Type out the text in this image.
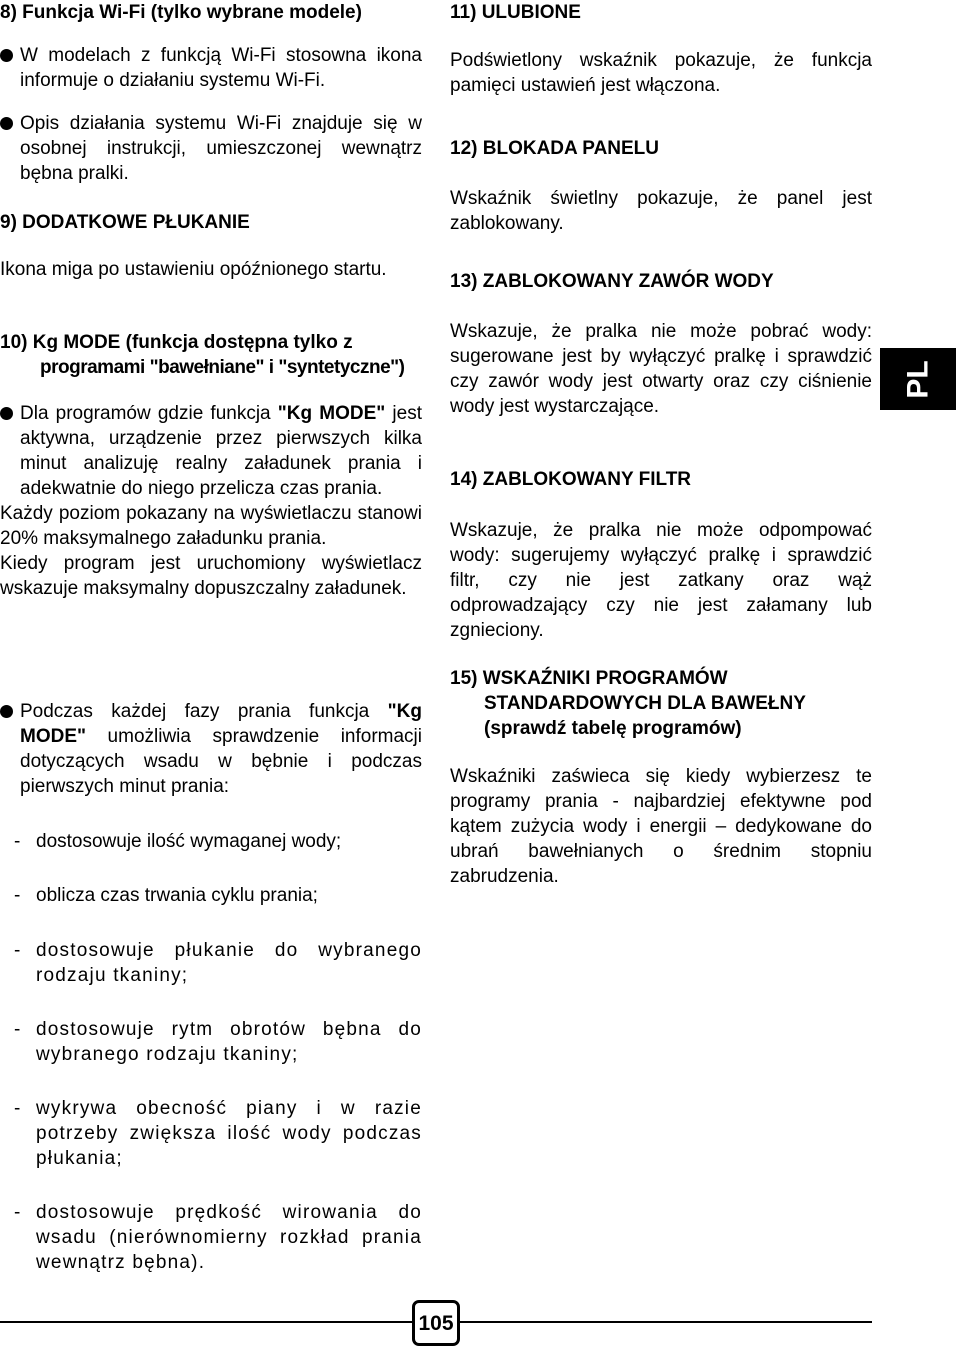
8) Funkcja Wi-Fi (tylko wybrane modele)
W modelach z funkcją Wi-Fi stosowna ikona informuje o działaniu systemu Wi-Fi.
Opis działania systemu Wi-Fi znajduje się w osobnej instrukcji, umieszczonej wewnątrz bębna pralki.
9) DODATKOWE PŁUKANIE
Ikona miga po ustawieniu opóźnionego startu.
10) Kg MODE (funkcja dostępna tylko z
programami "bawełniane" i "syntetyczne")
Dla programów gdzie funkcja "Kg MODE" jest aktywna, urządzenie przez pierwszych kilka minut analizuję realny załadunek prania i adekwatnie do niego przelicza czas prania.
Każdy poziom pokazany na wyświetlaczu stanowi 20% maksymalnego załadunku prania.
Kiedy program jest uruchomiony wyświetlacz wskazuje maksymalny dopuszczalny załadunek.
Podczas każdej fazy prania funkcja "Kg MODE" umożliwia sprawdzenie informacji dotyczących wsadu w bębnie i podczas pierwszych minut prania:
- dostosowuje ilość wymaganej wody;
- oblicza czas trwania cyklu prania;
- dostosowuje płukanie do wybranego rodzaju tkaniny;
- dostosowuje rytm obrotów bębna do wybranego rodzaju tkaniny;
- wykrywa obecność piany i w razie potrzeby zwiększa ilość wody podczas płukania;
- dostosowuje prędkość wirowania do wsadu (nierównomierny rozkład prania wewnątrz bębna).
11) ULUBIONE
Podświetlony wskaźnik pokazuje, że funkcja pamięci ustawień jest włączona.
12) BLOKADA PANELU
Wskaźnik świetlny pokazuje, że panel jest zablokowany.
13) ZABLOKOWANY ZAWÓR WODY
Wskazuje, że pralka nie może pobrać wody: sugerowane jest by wyłączyć pralkę i sprawdzić czy zawór wody jest otwarty oraz czy ciśnienie wody jest wystarczające.
14) ZABLOKOWANY FILTR
Wskazuje, że pralka nie może odpompować wody: sugerujemy wyłączyć pralkę i sprawdzić filtr, czy nie jest zatkany oraz wąż odprowadzający czy nie jest załamany lub zgnieciony.
15) WSKAŹNIKI PROGRAMÓW
STANDARDOWYCH DLA BAWEŁNY
(sprawdź tabelę programów)
Wskaźniki zaświeca się kiedy wybierzesz te programy prania - najbardziej efektywne pod kątem zużycia wody i energii – dedykowane do ubrań bawełnianych o średnim stopniu zabrudzenia.
PL
105
